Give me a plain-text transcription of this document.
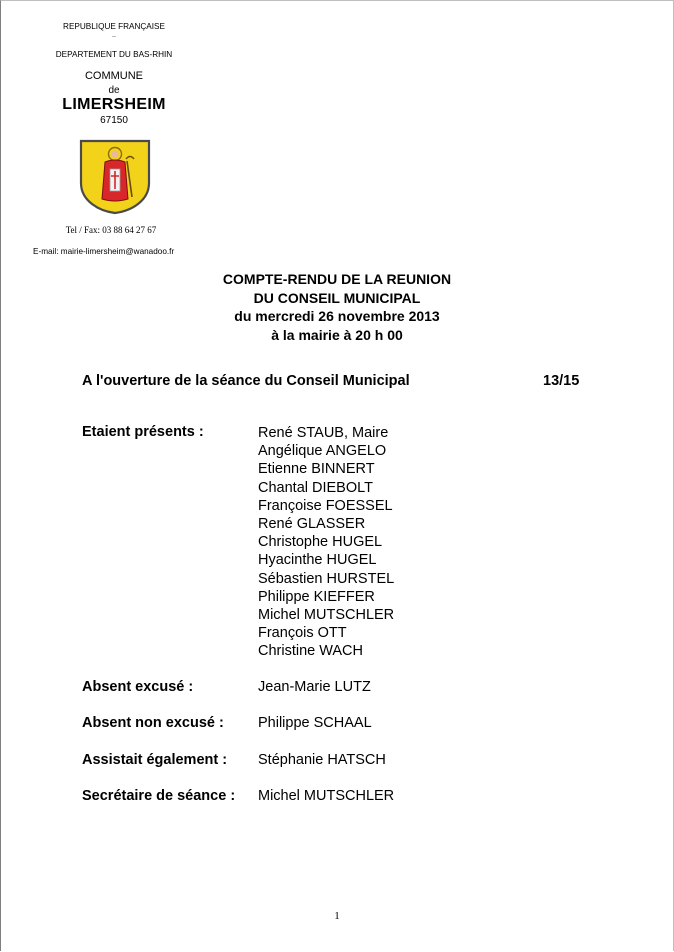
REPUBLIQUE FRANÇAISE
–
DEPARTEMENT DU BAS-RHIN
COMMUNE
de
LIMERSHEIM
67150
Tel / Fax: 03 88 64 27 67
E-mail: mairie-limersheim@wanadoo.fr
COMPTE-RENDU DE LA REUNION
DU CONSEIL MUNICIPAL
du mercredi 26 novembre 2013
à la mairie à 20 h 00
A l'ouverture de la séance du Conseil Municipal	13/15
Etaient présents :	René STAUB, Maire
Angélique ANGELO
Etienne BINNERT
Chantal DIEBOLT
Françoise FOESSEL
René GLASSER
Christophe HUGEL
Hyacinthe HUGEL
Sébastien HURSTEL
Philippe KIEFFER
Michel MUTSCHLER
François OTT
Christine WACH
Absent excusé :	Jean-Marie LUTZ
Absent non excusé : Philippe SCHAAL
Assistait également : Stéphanie HATSCH
Secrétaire de séance : Michel MUTSCHLER
1
